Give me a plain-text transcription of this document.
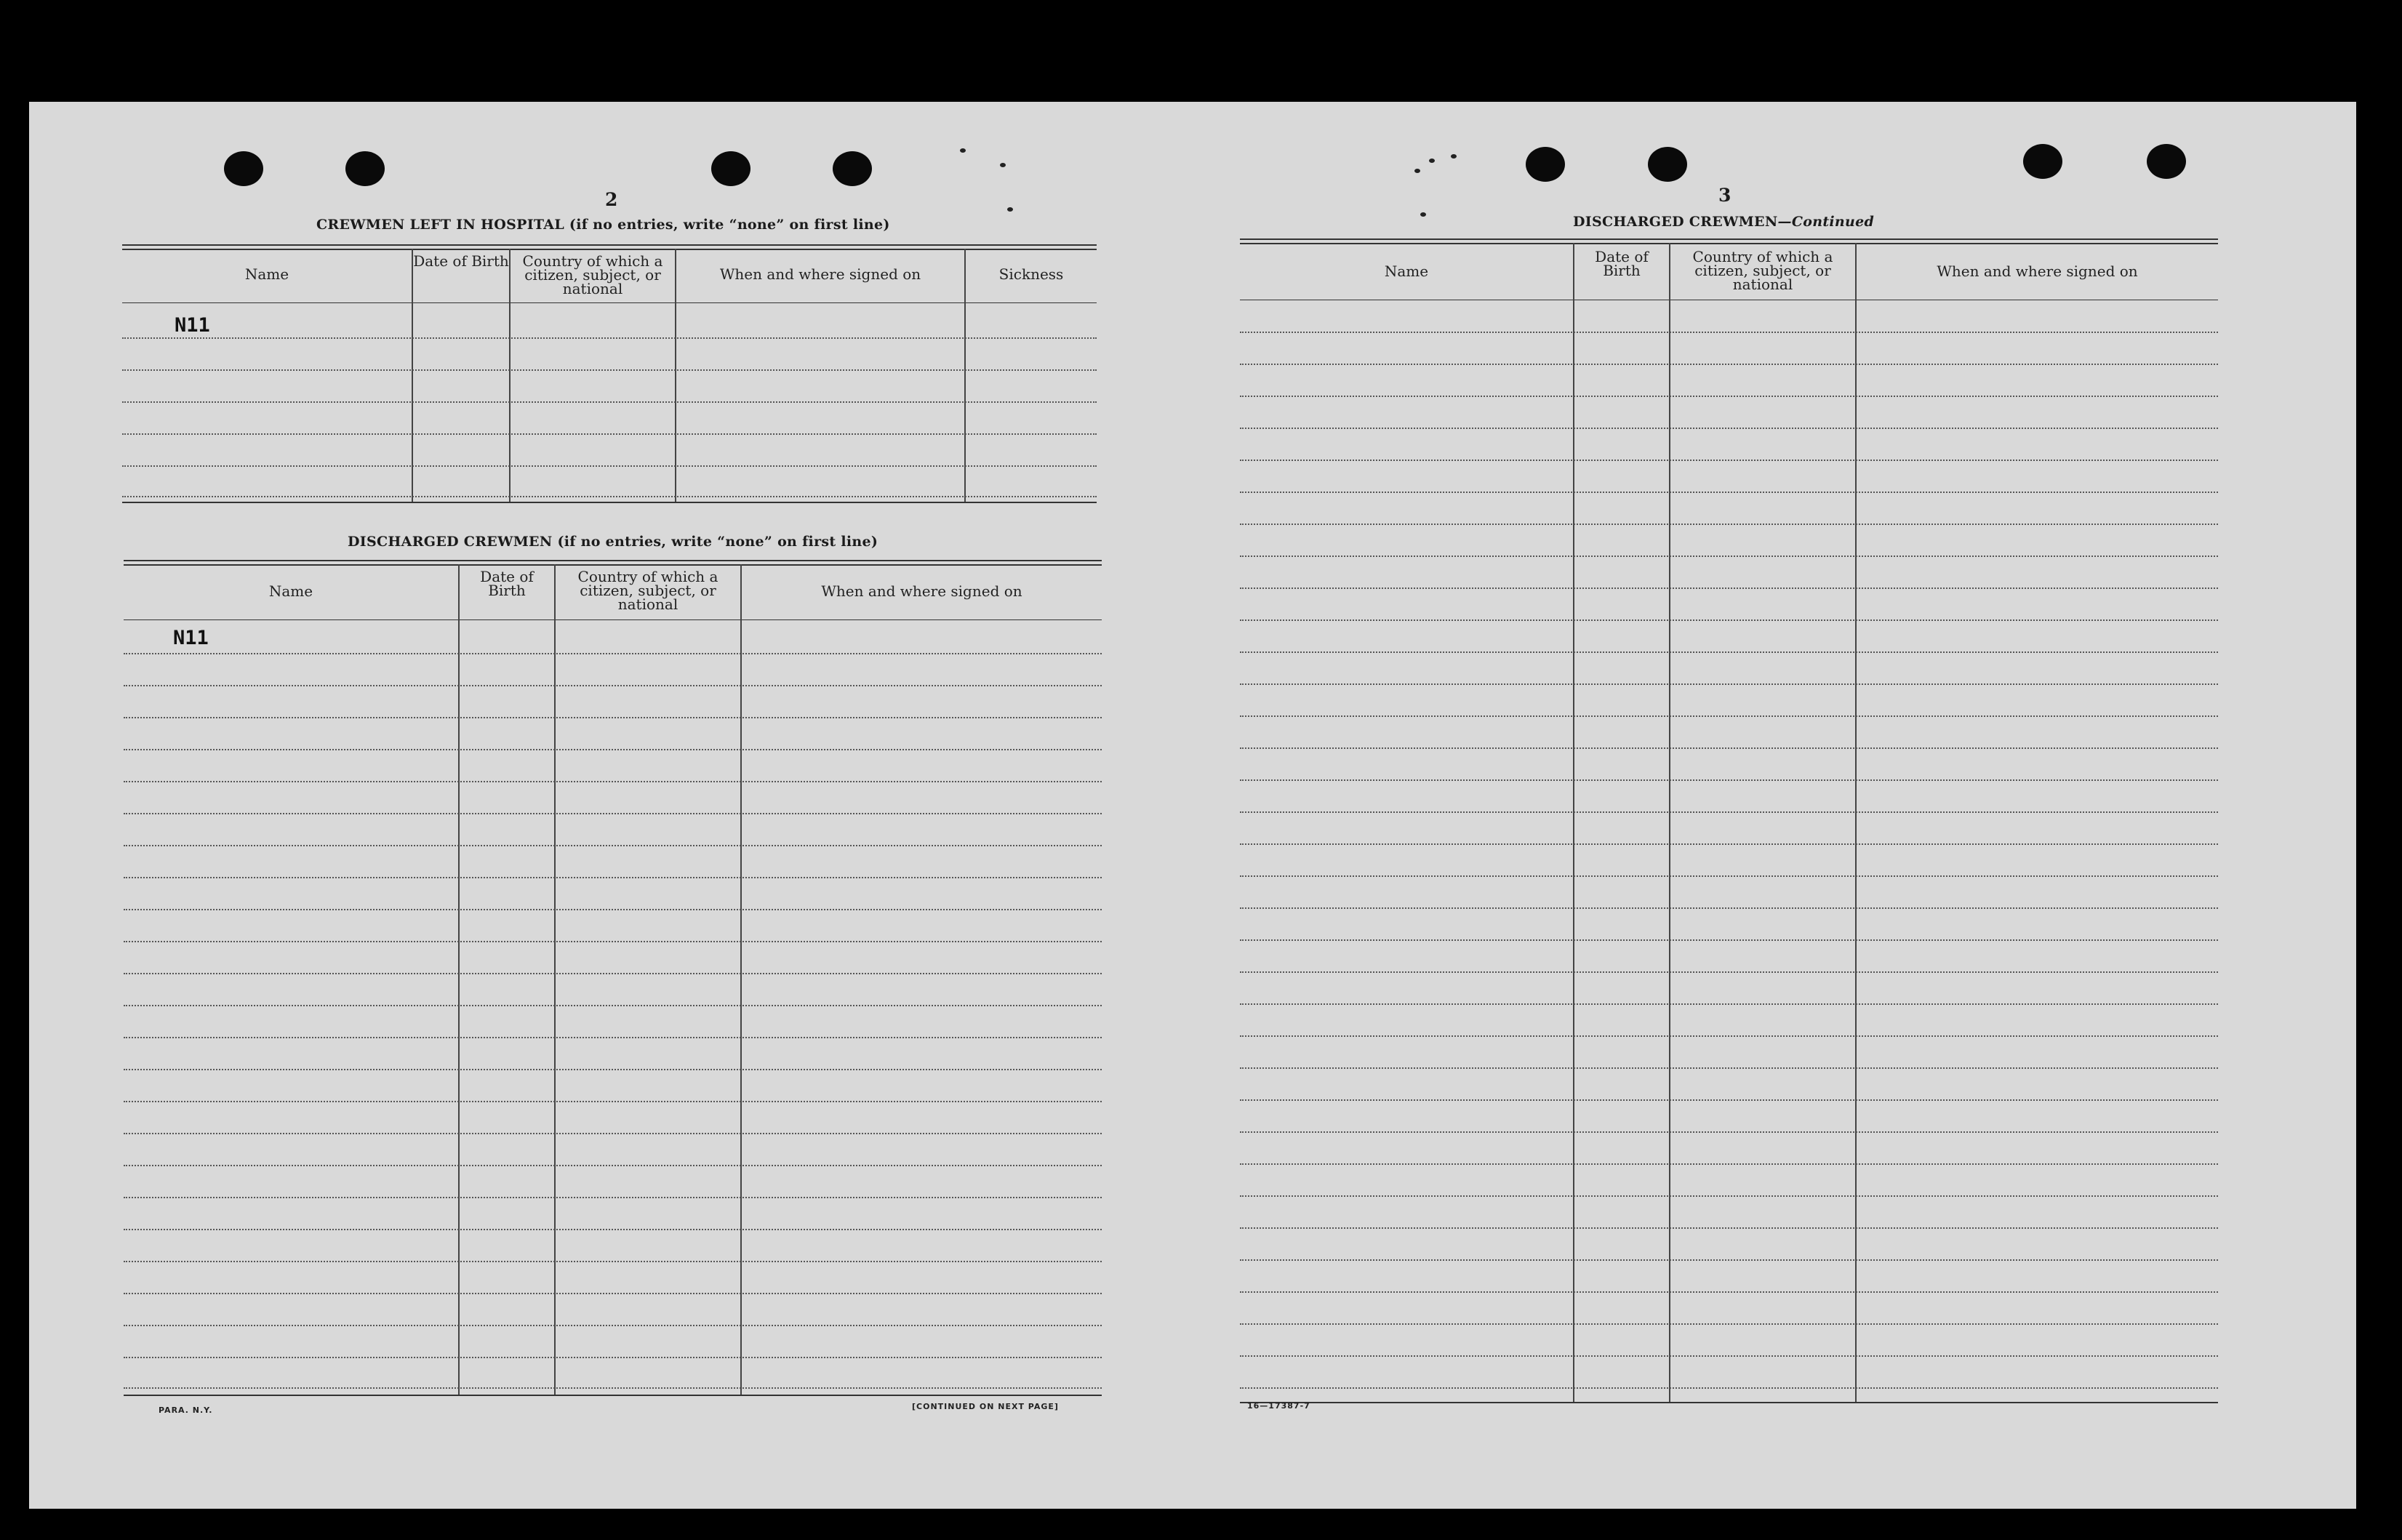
2
CREWMEN LEFT IN HOSPITAL (if no entries, write “none” on first line)
Name
Date of Birth Country of which a citizen, subject, or national
When and where signed on	Sickness
N11
DISCHARGED CREWMEN (if no entries, write “none” on first line)
Name
Date of Birth
Country of which a citizen, subject, or national
When and where signed on
N11
PARA. N.Y.	[CONTINUED ON NEXT PAGE]
3
DISCHARGED CREWMEN—Continued
Name
Date of Birth
Country of which a citizen, subject, or national
When and where signed on
16—17387-7
